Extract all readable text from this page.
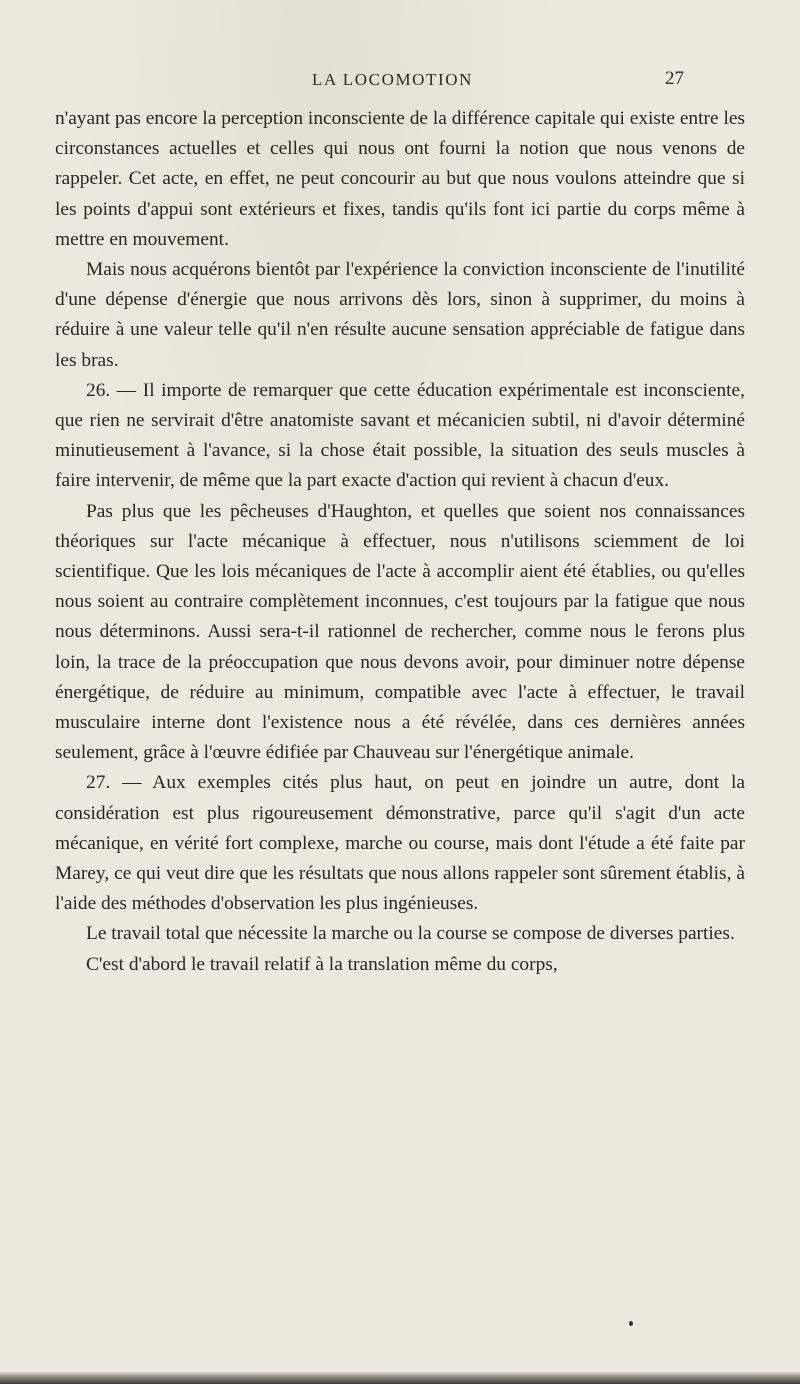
LA LOCOMOTION	27

n'ayant pas encore la perception inconsciente de la différence capitale qui existe entre les circonstances actuelles et celles qui nous ont fourni la notion que nous venons de rappeler. Cet acte, en effet, ne peut concourir au but que nous voulons atteindre que si les points d'appui sont extérieurs et fixes, tandis qu'ils font ici partie du corps même à mettre en mouvement.

Mais nous acquérons bientôt par l'expérience la conviction inconsciente de l'inutilité d'une dépense d'énergie que nous arrivons dès lors, sinon à supprimer, du moins à réduire à une valeur telle qu'il n'en résulte aucune sensation appréciable de fatigue dans les bras.

26. — Il importe de remarquer que cette éducation expérimentale est inconsciente, que rien ne servirait d'être anatomiste savant et mécanicien subtil, ni d'avoir déterminé minutieusement à l'avance, si la chose était possible, la situation des seuls muscles à faire intervenir, de même que la part exacte d'action qui revient à chacun d'eux.

Pas plus que les pêcheuses d'Haughton, et quelles que soient nos connaissances théoriques sur l'acte mécanique à effectuer, nous n'utilisons sciemment de loi scientifique. Que les lois mécaniques de l'acte à accomplir aient été établies, ou qu'elles nous soient au contraire complètement inconnues, c'est toujours par la fatigue que nous nous déterminons. Aussi sera-t-il rationnel de rechercher, comme nous le ferons plus loin, la trace de la préoccupation que nous devons avoir, pour diminuer notre dépense énergétique, de réduire au minimum, compatible avec l'acte à effectuer, le travail musculaire interne dont l'existence nous a été révélée, dans ces dernières années seulement, grâce à l'œuvre édifiée par Chauveau sur l'énergétique animale.

27. — Aux exemples cités plus haut, on peut en joindre un autre, dont la considération est plus rigoureusement démonstrative, parce qu'il s'agit d'un acte mécanique, en vérité fort complexe, marche ou course, mais dont l'étude a été faite par Marey, ce qui veut dire que les résultats que nous allons rappeler sont sûrement établis, à l'aide des méthodes d'observation les plus ingénieuses.

Le travail total que nécessite la marche ou la course se compose de diverses parties.

C'est d'abord le travail relatif à la translation même du corps,
